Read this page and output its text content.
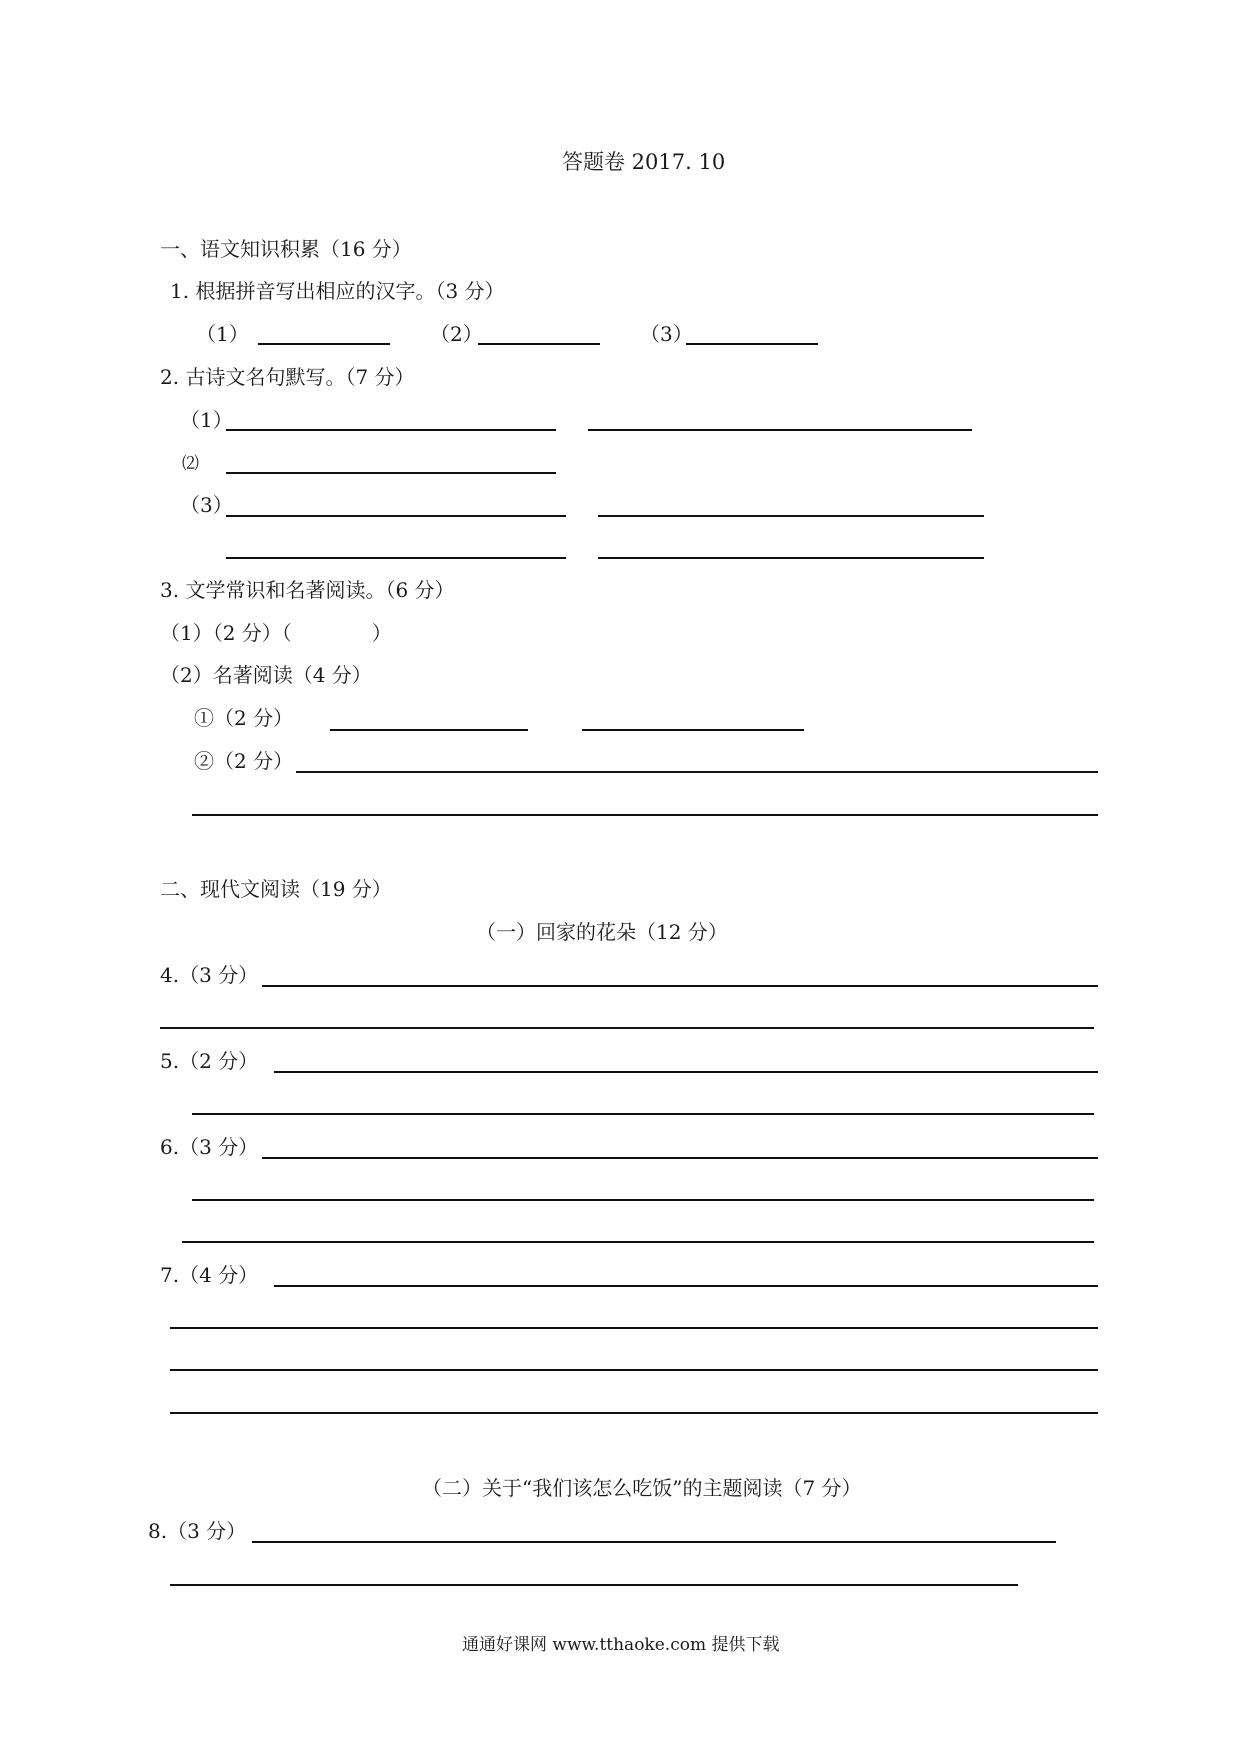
答题卷 2017. 10
一、语文知识积累（16 分）
1. 根据拼音写出相应的汉字。（3 分）
（1）	（2）	（3）
2. 古诗文名句默写。（7 分）
（1）
⑵
（3）
3. 文学常识和名著阅读。（6 分）
（1）（2 分）（　　　　）
（2）名著阅读（4 分）
①（2 分）
②（2 分）
二、现代文阅读（19 分）
（一）回家的花朵（12 分）
4.（3 分）
5.（2 分）
6.（3 分）
7.（4 分）
（二）关于“我们该怎么吃饭”的主题阅读（7 分）
8.（3 分）
通通好课网 www.tthaoke.com 提供下载
